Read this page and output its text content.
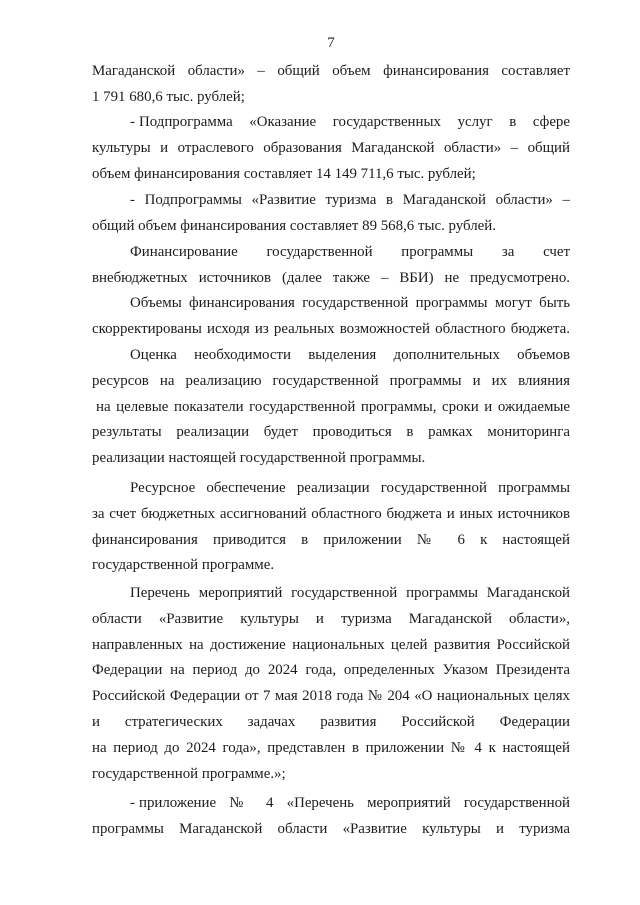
7
Магаданской области» – общий объем финансирования составляет
1 791 680,6 тыс. рублей;
- Подпрограмма «Оказание государственных услуг в сфере
культуры и отраслевого образования Магаданской области» – общий
объем финансирования составляет 14 149 711,6 тыс. рублей;
- Подпрограммы «Развитие туризма в Магаданской области» –
общий объем финансирования составляет 89 568,6 тыс. рублей.
Финансирование государственной программы за счет
внебюджетных источников (далее также – ВБИ) не предусмотрено.
Объемы финансирования государственной программы могут быть
скорректированы исходя из реальных возможностей областного бюджета.
Оценка необходимости выделения дополнительных объемов
ресурсов на реализацию государственной программы и их влияния
на целевые показатели государственной программы, сроки и ожидаемые
результаты реализации будет проводиться в рамках мониторинга
реализации настоящей государственной программы.
Ресурсное обеспечение реализации государственной программы
за счет бюджетных ассигнований областного бюджета и иных источников
финансирования приводится в приложении № 6 к настоящей
государственной программе.
Перечень мероприятий государственной программы Магаданской
области «Развитие культуры и туризма Магаданской области»,
направленных на достижение национальных целей развития Российской
Федерации на период до 2024 года, определенных Указом Президента
Российской Федерации от 7 мая 2018 года № 204 «О национальных целях
и стратегических задачах развития Российской Федерации
на период до 2024 года», представлен в приложении № 4 к настоящей
государственной программе.»;
- приложение № 4 «Перечень мероприятий государственной
программы Магаданской области «Развитие культуры и туризма
